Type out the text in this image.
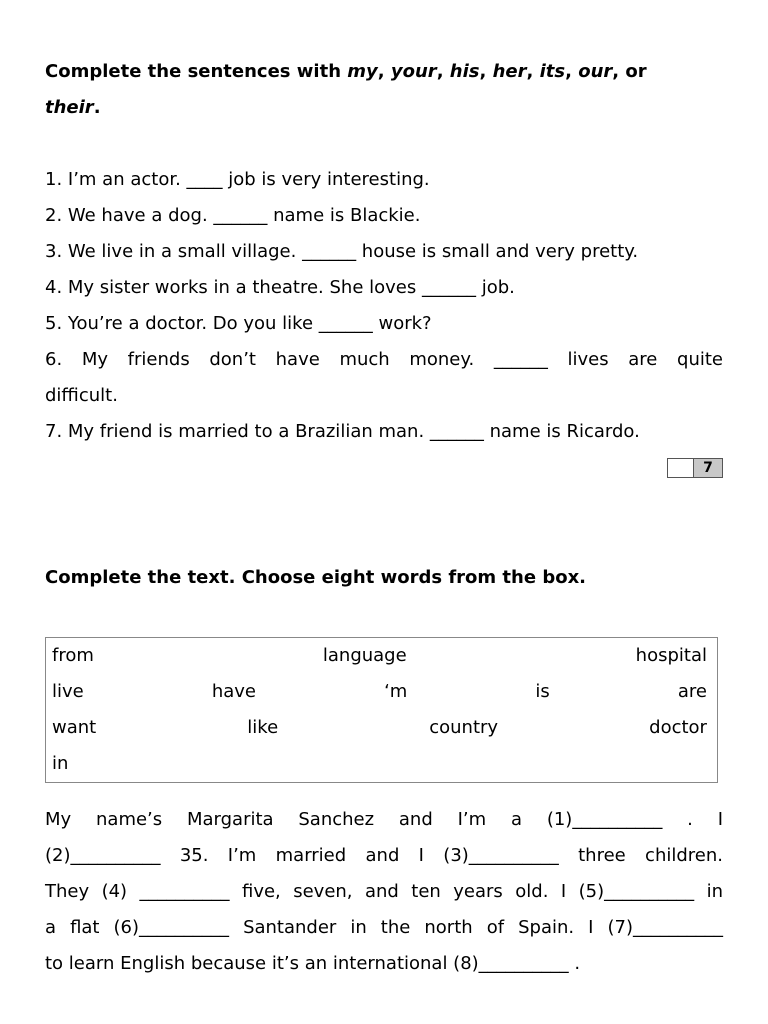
Complete the sentences with my, your, his, her, its, our, or
their.
1. I’m an actor. ____ job is very interesting.
2. We have a dog. ______ name is Blackie.
3. We live in a small village. ______ house is small and very pretty.
4. My sister works in a theatre. She loves ______ job.
5. You’re a doctor. Do you like ______ work?
6. My friends don’t have much money. ______ lives are quite
difficult.
7. My friend is married to a Brazilian man. ______ name is Ricardo.
7
Complete the text. Choose eight words from the box.
from	language	hospital
live	have	‘m	is	are
want	like	country	doctor
in
My name’s Margarita Sanchez and I’m a (1)__________ . I
(2)__________ 35. I’m married and I (3)__________ three children.
They (4) __________ five, seven, and ten years old. I (5)__________ in
a flat (6)__________ Santander in the north of Spain. I (7)__________
to learn English because it’s an international (8)__________ .
